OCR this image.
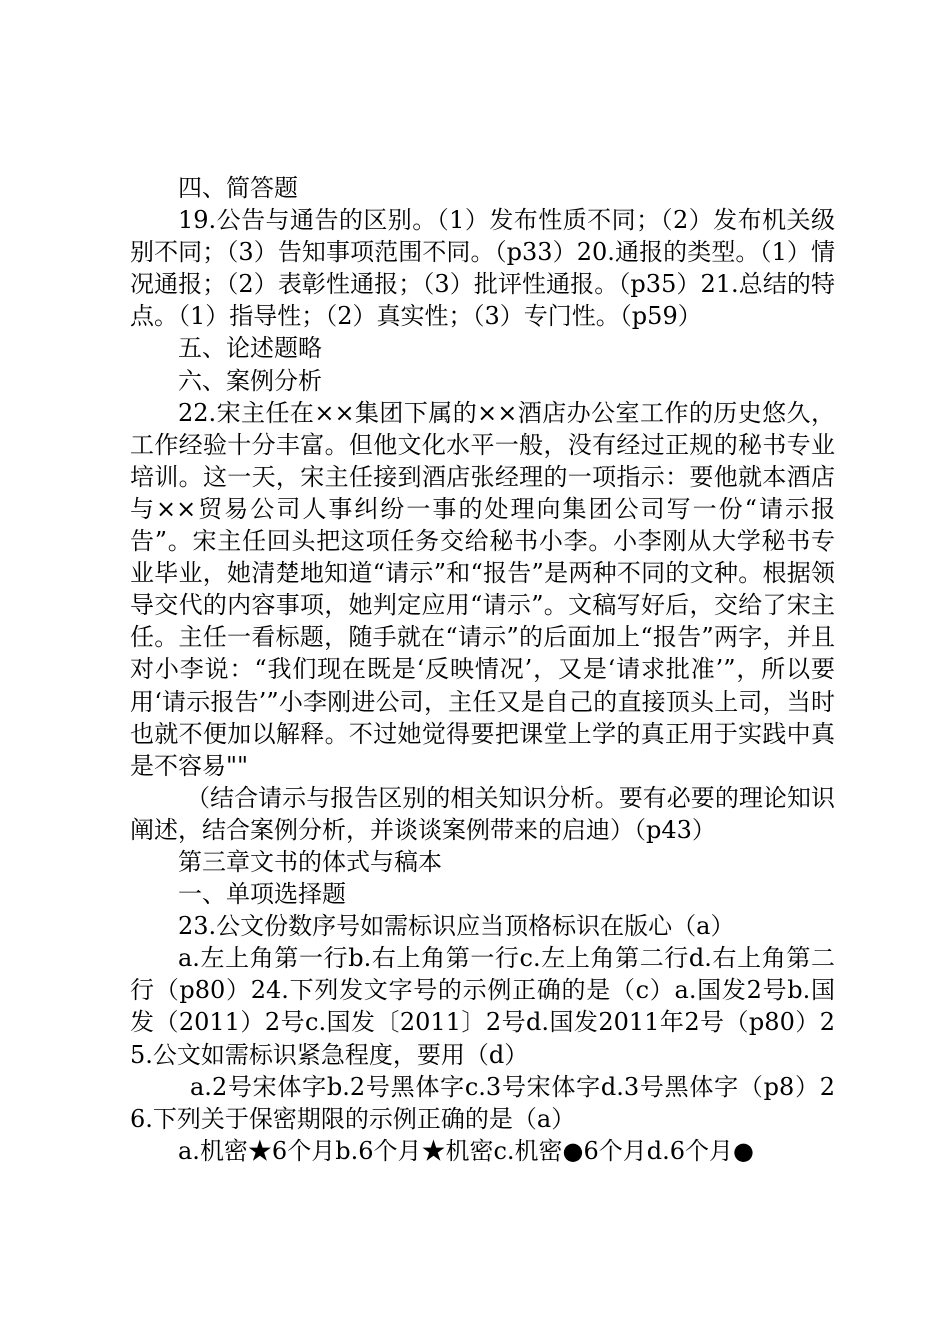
四、简答题

19.公告与通告的区别。（1）发布性质不同；（2）发布机关级别不同；（3）告知事项范围不同。（p33）20.通报的类型。（1）情况通报；（2）表彰性通报；（3）批评性通报。（p35）21.总结的特点。（1）指导性；（2）真实性；（3）专门性。（p59）

五、论述题略

六、案例分析

22.宋主任在××集团下属的××酒店办公室工作的历史悠久，工作经验十分丰富。但他文化水平一般，没有经过正规的秘书专业培训。这一天，宋主任接到酒店张经理的一项指示：要他就本酒店与××贸易公司人事纠纷一事的处理向集团公司写一份“请示报告”。宋主任回头把这项任务交给秘书小李。小李刚从大学秘书专业毕业，她清楚地知道“请示”和“报告”是两种不同的文种。根据领导交代的内容事项，她判定应用“请示”。文稿写好后，交给了宋主任。主任一看标题，随手就在“请示”的后面加上“报告”两字，并且对小李说：“我们现在既是‘反映情况’，又是‘请求批准’”，所以要用‘请示报告’”小李刚进公司，主任又是自己的直接顶头上司，当时也就不便加以解释。不过她觉得要把课堂上学的真正用于实践中真是不容易""

（结合请示与报告区别的相关知识分析。要有必要的理论知识阐述，结合案例分析，并谈谈案例带来的启迪）（p43）

第三章文书的体式与稿本

一、单项选择题

23.公文份数序号如需标识应当顶格标识在版心（a）

a.左上角第一行b.右上角第一行c.左上角第二行d.右上角第二行（p80）24.下列发文字号的示例正确的是（c）a.国发2号b.国发（2011）2号c.国发〔2011〕2号d.国发2011年2号（p80）25.公文如需标识紧急程度，要用（d）

a.2号宋体字b.2号黑体字c.3号宋体字d.3号黑体字（p8）26.下列关于保密期限的示例正确的是（a）

a.机密★6个月b.6个月★机密c.机密●6个月d.6个月●
